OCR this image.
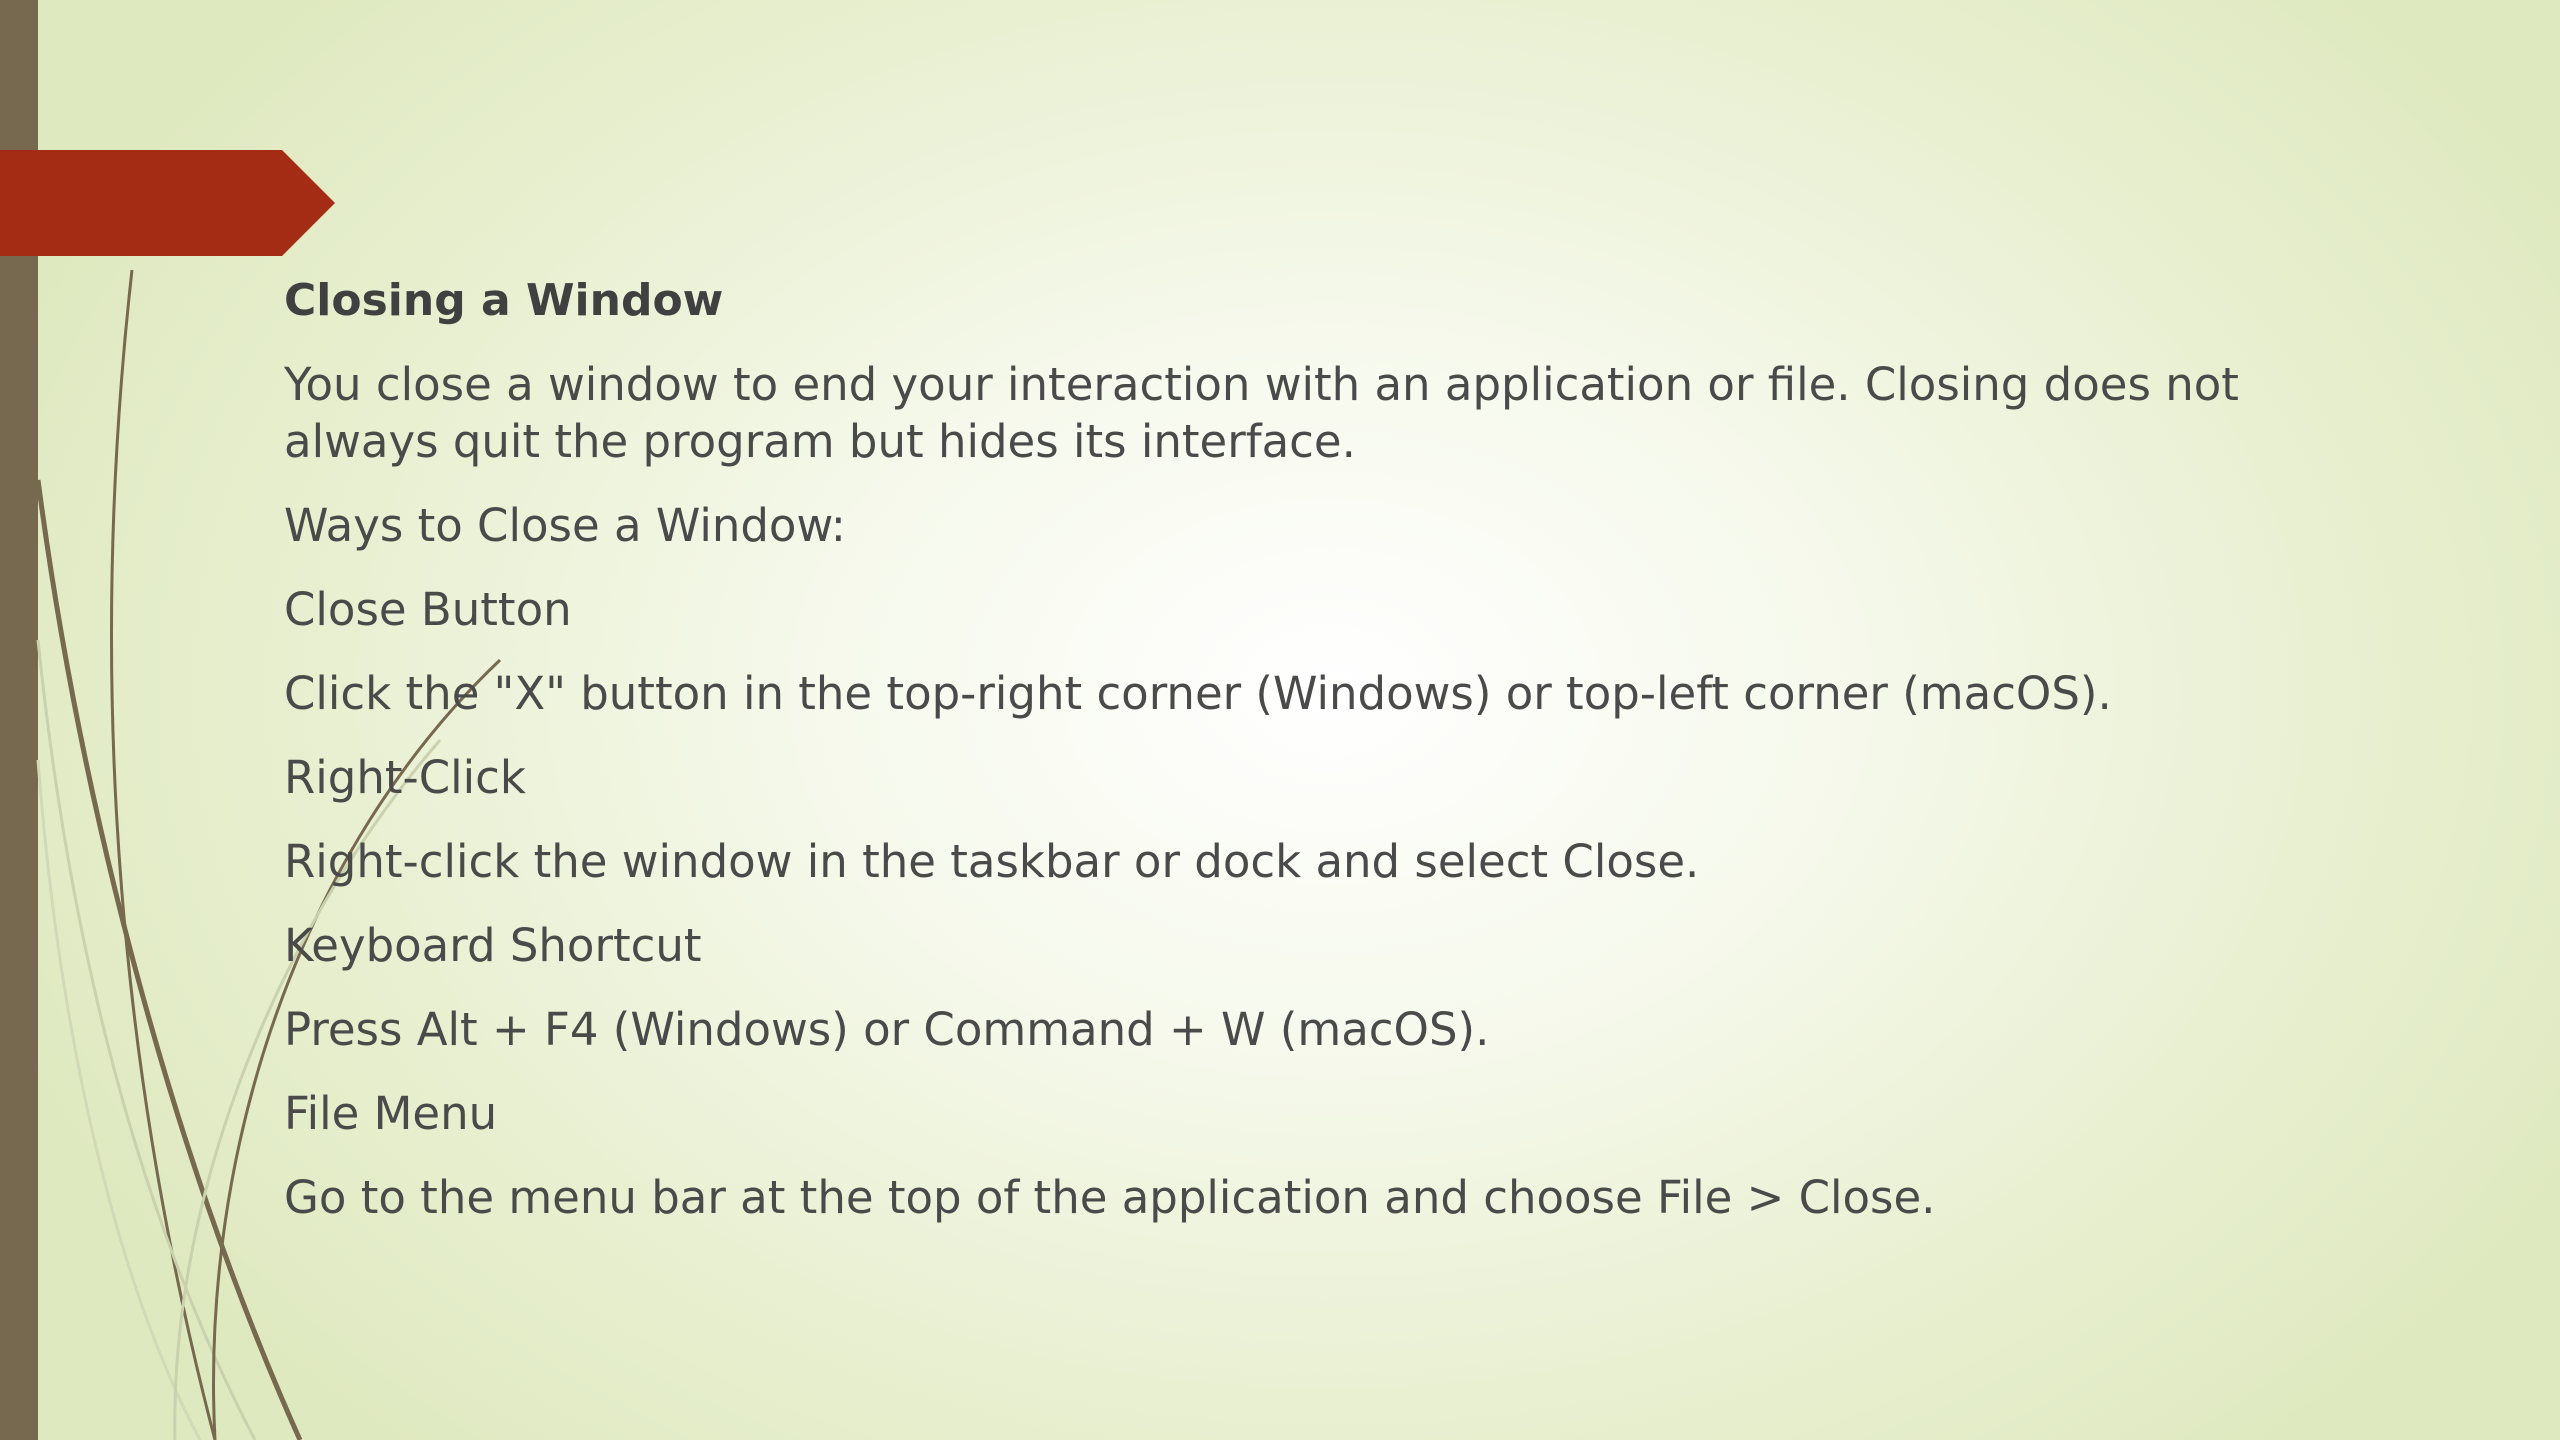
Closing a Window
You close a window to end your interaction with an application or file. Closing does not always quit the program but hides its interface.
Ways to Close a Window:
Close Button
Click the "X" button in the top-right corner (Windows) or top-left corner (macOS).
Right-Click
Right-click the window in the taskbar or dock and select Close.
Keyboard Shortcut
Press Alt + F4 (Windows) or Command + W (macOS).
File Menu
Go to the menu bar at the top of the application and choose File > Close.
